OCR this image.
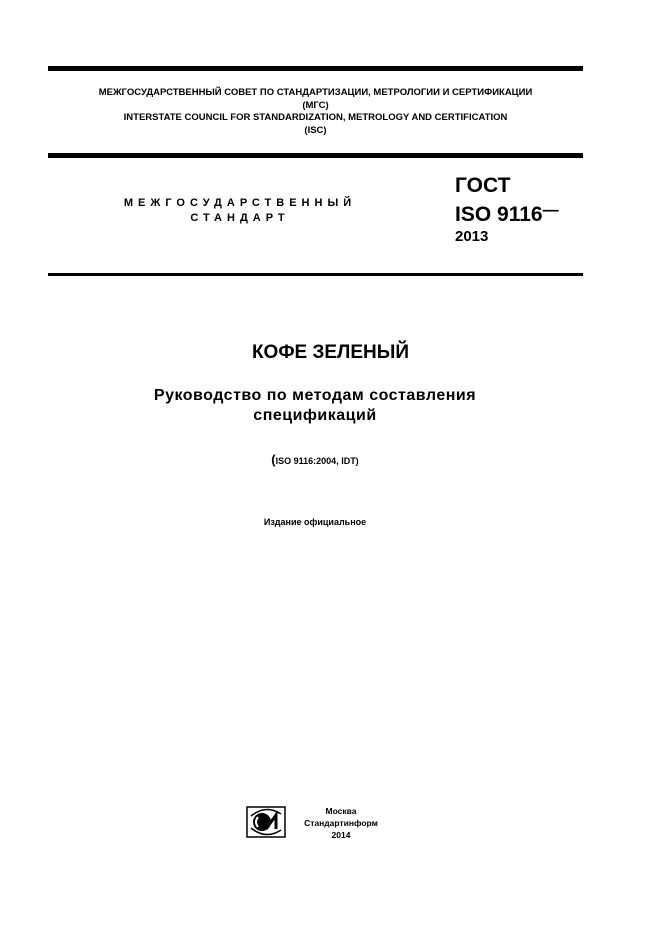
МЕЖГОСУДАРСТВЕННЫЙ СОВЕТ ПО СТАНДАРТИЗАЦИИ, МЕТРОЛОГИИ И СЕРТИФИКАЦИИ
(МГС)
INTERSTATE COUNCIL FOR STANDARDIZATION, METROLOGY AND CERTIFICATION
(ISC)
МЕЖГОСУДАРСТВЕННЫЙ
СТАНДАРТ
ГОСТ
ISO 9116—
2013
КОФЕ ЗЕЛЕНЫЙ
Руководство по методам составления
спецификаций
(ISO 9116:2004, IDT)
Издание официальное
Москва
Стандартинформ
2014
